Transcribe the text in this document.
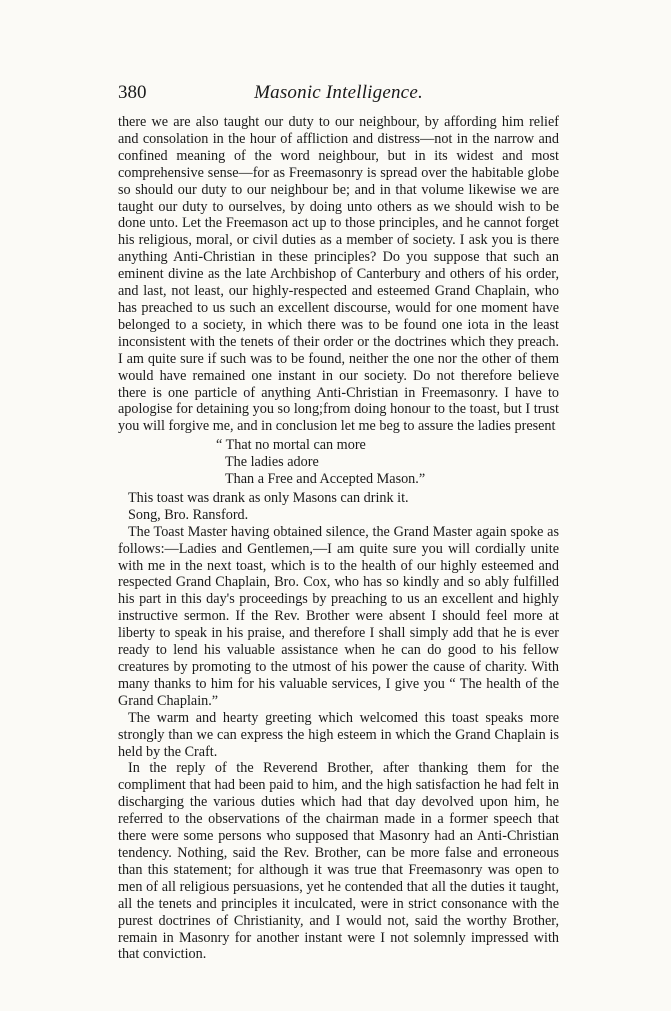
380	Masonic Intelligence.

there we are also taught our duty to our neighbour, by affording him relief and consolation in the hour of affliction and distress—not in the narrow and confined meaning of the word neighbour, but in its widest and most comprehensive sense—for as Freemasonry is spread over the habitable globe so should our duty to our neighbour be; and in that volume likewise we are taught our duty to ourselves, by doing unto others as we should wish to be done unto. Let the Freemason act up to those principles, and he cannot forget his religious, moral, or civil duties as a member of society. I ask you is there anything Anti-Christian in these principles? Do you suppose that such an eminent divine as the late Archbishop of Canterbury and others of his order, and last, not least, our highly-respected and esteemed Grand Chaplain, who has preached to us such an excellent discourse, would for one moment have belonged to a society, in which there was to be found one iota in the least inconsistent with the tenets of their order or the doctrines which they preach. I am quite sure if such was to be found, neither the one nor the other of them would have remained one instant in our society. Do not therefore believe there is one particle of anything Anti-Christian in Freemasonry. I have to apologise for detaining you so long;from doing honour to the toast, but I trust you will forgive me, and in conclusion let me beg to assure the ladies present

“ That no mortal can more
The ladies adore
Than a Free and Accepted Mason.”

This toast was drank as only Masons can drink it.

Song, Bro. Ransford.

The Toast Master having obtained silence, the Grand Master again spoke as follows:—Ladies and Gentlemen,—I am quite sure you will cordially unite with me in the next toast, which is to the health of our highly esteemed and respected Grand Chaplain, Bro. Cox, who has so kindly and so ably fulfilled his part in this day's proceedings by preaching to us an excellent and highly instructive sermon. If the Rev. Brother were absent I should feel more at liberty to speak in his praise, and therefore I shall simply add that he is ever ready to lend his valuable assistance when he can do good to his fellow creatures by promoting to the utmost of his power the cause of charity. With many thanks to him for his valuable services, I give you “ The health of the Grand Chaplain.”

The warm and hearty greeting which welcomed this toast speaks more strongly than we can express the high esteem in which the Grand Chaplain is held by the Craft.

In the reply of the Reverend Brother, after thanking them for the compliment that had been paid to him, and the high satisfaction he had felt in discharging the various duties which had that day devolved upon him, he referred to the observations of the chairman made in a former speech that there were some persons who supposed that Masonry had an Anti-Christian tendency. Nothing, said the Rev. Brother, can be more false and erroneous than this statement; for although it was true that Freemasonry was open to men of all religious persuasions, yet he contended that all the duties it taught, all the tenets and principles it inculcated, were in strict consonance with the purest doctrines of Christianity, and I would not, said the worthy Brother, remain in Masonry for another instant were I not solemnly impressed with that conviction.
